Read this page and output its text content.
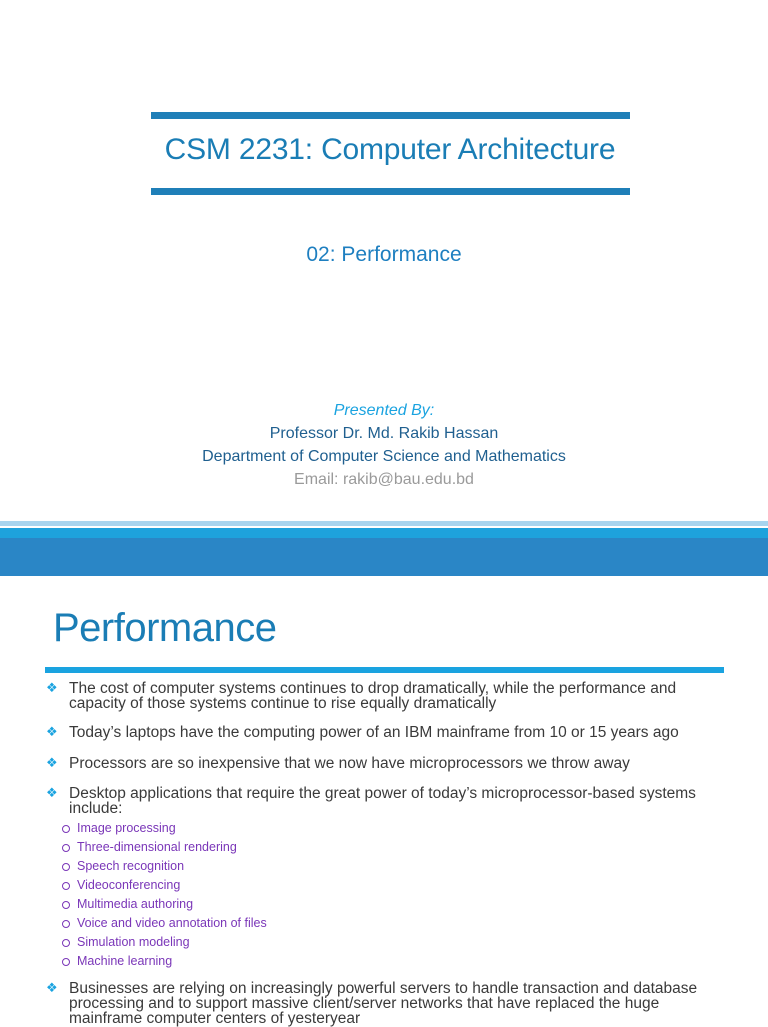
CSM 2231: Computer Architecture
02: Performance
Presented By:
Professor Dr. Md. Rakib Hassan
Department of Computer Science and Mathematics
Email: rakib@bau.edu.bd
Performance
❖ The cost of computer systems continues to drop dramatically, while the performance and capacity of those systems continue to rise equally dramatically
❖ Today’s laptops have the computing power of an IBM mainframe from 10 or 15 years ago
❖ Processors are so inexpensive that we now have microprocessors we throw away
❖ Desktop applications that require the great power of today’s microprocessor-based systems include:
Image processing
Three-dimensional rendering
Speech recognition
Videoconferencing
Multimedia authoring
Voice and video annotation of files
Simulation modeling
Machine learning
❖ Businesses are relying on increasingly powerful servers to handle transaction and database processing and to support massive client/server networks that have replaced the huge mainframe computer centers of yesteryear
